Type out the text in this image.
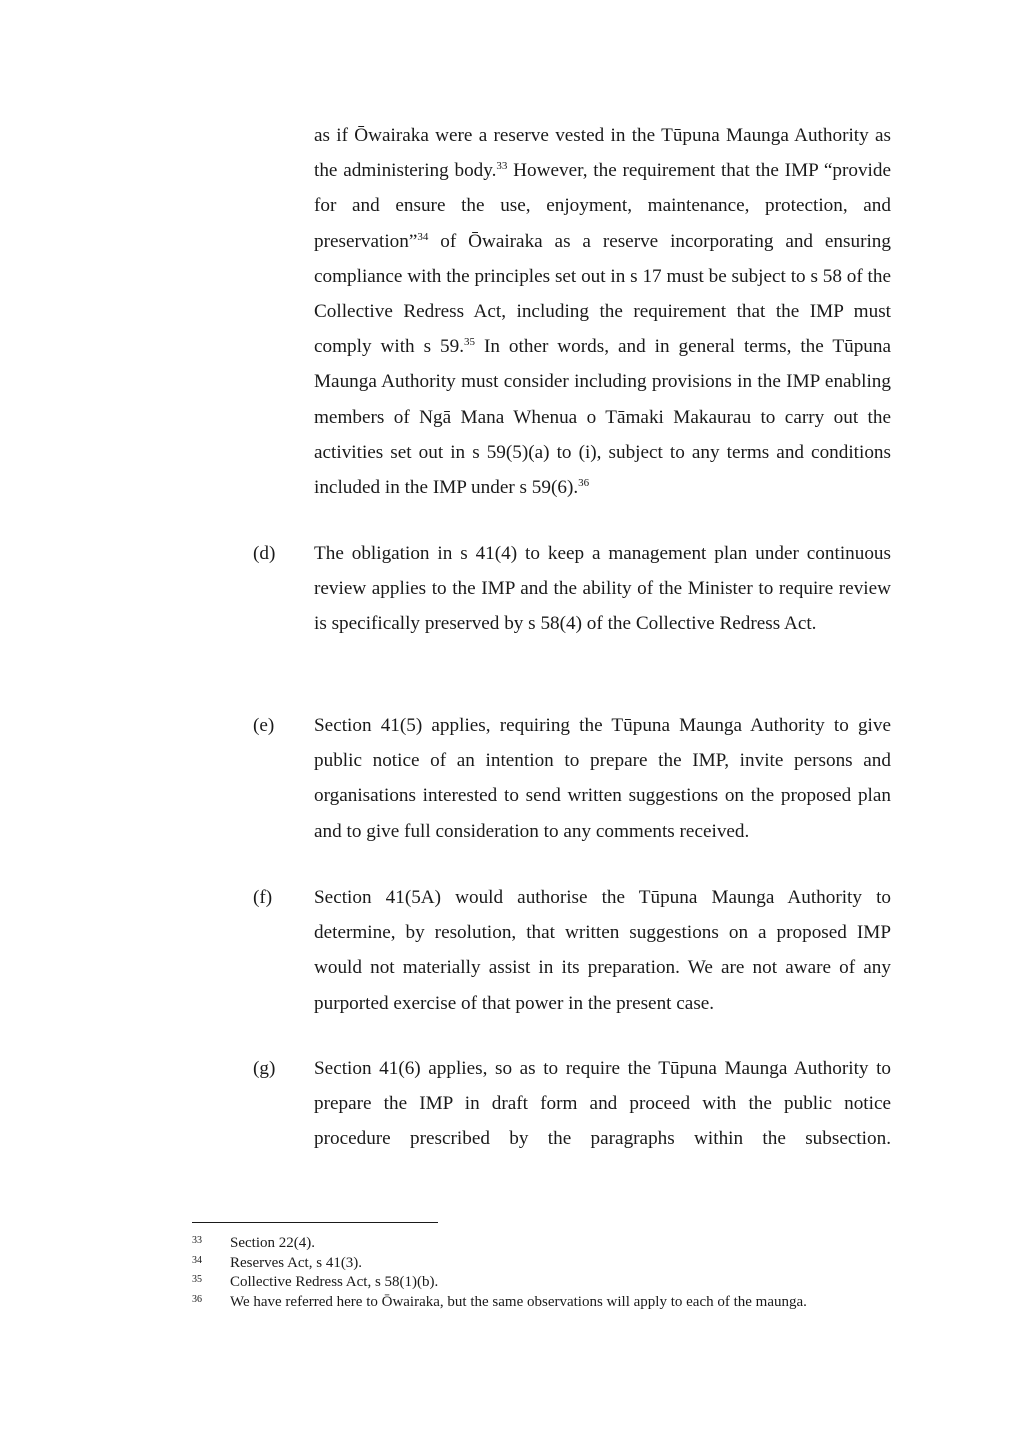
as if Ōwairaka were a reserve vested in the Tūpuna Maunga Authority as the administering body.$^{33}$ However, the requirement that the IMP “provide for and ensure the use, enjoyment, maintenance, protection, and preservation”$^{34}$ of Ōwairaka as a reserve incorporating and ensuring compliance with the principles set out in s 17 must be subject to s 58 of the Collective Redress Act, including the requirement that the IMP must comply with s 59.35 In other words, and in general terms, the Tūpuna Maunga Authority must consider including provisions in the IMP enabling members of Ngā Mana Whenua o Tāmaki Makaurau to carry out the activities set out in s 59(5)(a) to (i), subject to any terms and conditions included in the IMP under s 59(6).$^{36}$

(d) The obligation in s 41(4) to keep a management plan under continuous review applies to the IMP and the ability of the Minister to require review is specifically preserved by s 58(4) of the Collective Redress Act.

(e) Section 41(5) applies, requiring the Tūpuna Maunga Authority to give public notice of an intention to prepare the IMP, invite persons and organisations interested to send written suggestions on the proposed plan and to give full consideration to any comments received.

(f) Section 41(5A) would authorise the Tūpuna Maunga Authority to determine, by resolution, that written suggestions on a proposed IMP would not materially assist in its preparation. We are not aware of any purported exercise of that power in the present case.

(g) Section 41(6) applies, so as to require the Tūpuna Maunga Authority to prepare the IMP in draft form and proceed with the public notice procedure prescribed by the paragraphs within the subsection.

33 Section 22(4).
34 Reserves Act, s 41(3).
35 Collective Redress Act, s 58(1)(b).
36 We have referred here to Ōwairaka, but the same observations will apply to each of the maunga.
